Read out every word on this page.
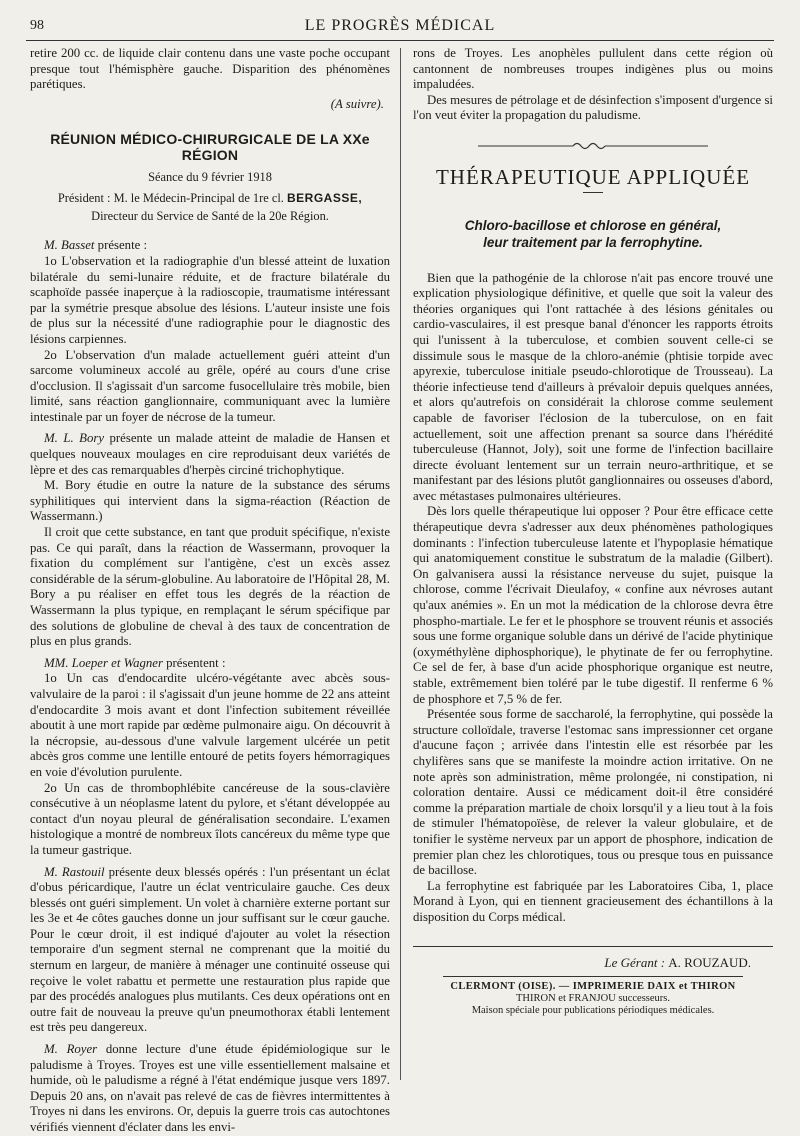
98	LE PROGRÈS MÉDICAL

retire 200 cc. de liquide clair contenu dans une vaste poche occupant presque tout l'hémisphère gauche. Disparition des phénomènes parétiques.

(A suivre).
RÉUNION MÉDICO-CHIRURGICALE DE LA XXe RÉGION
Séance du 9 février 1918
Président : M. le Médecin-Principal de 1re cl. BERGASSE,
Directeur du Service de Santé de la 20e Région.

M. Basset présente :

1o L'observation et la radiographie d'un blessé atteint de luxation bilatérale du semi-lunaire réduite, et de fracture bilatérale du scaphoïde passée inaperçue à la radioscopie, traumatisme intéressant par la symétrie presque absolue des lésions. L'auteur insiste une fois de plus sur la nécessité d'une radiographie pour le diagnostic des lésions carpiennes.

2o L'observation d'un malade actuellement guéri atteint d'un sarcome volumineux accolé au grêle, opéré au cours d'une crise d'occlusion. Il s'agissait d'un sarcome fusocellulaire très mobile, bien limité, sans réaction ganglionnaire, communiquant avec la lumière intestinale par un foyer de nécrose de la tumeur.

M. L. Bory présente un malade atteint de maladie de Hansen et quelques nouveaux moulages en cire reproduisant deux variétés de lèpre et des cas remarquables d'herpès circiné trichophytique.

M. Bory étudie en outre la nature de la substance des sérums syphilitiques qui intervient dans la sigma-réaction (Réaction de Wassermann.)

Il croit que cette substance, en tant que produit spécifique, n'existe pas. Ce qui paraît, dans la réaction de Wassermann, provoquer la fixation du complément sur l'antigène, c'est un excès assez considérable de la sérum-globuline. Au laboratoire de l'Hôpital 28, M. Bory a pu réaliser en effet tous les degrés de la réaction de Wassermann la plus typique, en remplaçant le sérum spécifique par des solutions de globuline de cheval à des taux de concentration de plus en plus grands.

MM. Loeper et Wagner présentent :

1o Un cas d'endocardite ulcéro-végétante avec abcès sous-valvulaire de la paroi : il s'agissait d'un jeune homme de 22 ans atteint d'endocardite 3 mois avant et dont l'infection subitement réveillée aboutit à une mort rapide par œdème pulmonaire aigu. On découvrit à la nécropsie, au-dessous d'une valvule largement ulcérée un petit abcès gros comme une lentille entouré de petits foyers hémorragiques en voie d'évolution purulente.

2o Un cas de thrombophlébite cancéreuse de la sous-clavière consécutive à un néoplasme latent du pylore, et s'étant développée au contact d'un noyau pleural de généralisation secondaire. L'examen histologique a montré de nombreux îlots cancéreux du même type que la tumeur gastrique.

M. Rastouil présente deux blessés opérés : l'un présentant un éclat d'obus péricardique, l'autre un éclat ventriculaire gauche. Ces deux blessés ont guéri simplement. Un volet à charnière externe portant sur les 3e et 4e côtes gauches donne un jour suffisant sur le cœur gauche. Pour le cœur droit, il est indiqué d'ajouter au volet la résection temporaire d'un segment sternal ne comprenant que la moitié du sternum en largeur, de manière à ménager une continuité osseuse qui reçoive le volet rabattu et permette une restauration plus rapide que par des procédés analogues plus mutilants. Ces deux opérations ont en outre fait de nouveau la preuve qu'un pneumothorax établi lentement est très peu dangereux.

M. Royer donne lecture d'une étude épidémiologique sur le paludisme à Troyes. Troyes est une ville essentiellement malsaine et humide, où le paludisme a régné à l'état endémique jusque vers 1897. Depuis 20 ans, on n'avait pas relevé de cas de fièvres intermittentes à Troyes ni dans les environs. Or, depuis la guerre trois cas autochtones vérifiés viennent d'éclater dans les envi-

rons de Troyes. Les anophèles pullulent dans cette région où cantonnent de nombreuses troupes indigènes plus ou moins impaludées.

Des mesures de pétrolage et de désinfection s'imposent d'urgence si l'on veut éviter la propagation du paludisme.

THÉRAPEUTIQUE APPLIQUÉE
Chloro-bacillose et chlorose en général,
leur traitement par la ferrophytine.

Bien que la pathogénie de la chlorose n'ait pas encore trouvé une explication physiologique définitive, et quelle que soit la valeur des théories organiques qui l'ont rattachée à des lésions génitales ou cardio-vasculaires, il est presque banal d'énoncer les rapports étroits qui l'unissent à la tuberculose, et combien souvent celle-ci se dissimule sous le masque de la chloro-anémie (phtisie torpide avec apyrexie, tuberculose initiale pseudo-chlorotique de Trousseau). La théorie infectieuse tend d'ailleurs à prévaloir depuis quelques années, et alors qu'autrefois on considérait la chlorose comme seulement capable de favoriser l'éclosion de la tuberculose, on en fait actuellement, soit une affection prenant sa source dans l'hérédité tuberculeuse (Hannot, Joly), soit une forme de l'infection bacillaire directe évoluant lentement sur un terrain neuro-arthritique, et se manifestant par des lésions plutôt ganglionnaires ou osseuses d'abord, avec métastases pulmonaires ultérieures.

Dès lors quelle thérapeutique lui opposer ? Pour être efficace cette thérapeutique devra s'adresser aux deux phénomènes pathologiques dominants : l'infection tuberculeuse latente et l'hypoplasie hématique qui anatomiquement constitue le substratum de la maladie (Gilbert). On galvanisera aussi la résistance nerveuse du sujet, puisque la chlorose, comme l'écrivait Dieulafoy, « confine aux névroses autant qu'aux anémies ». En un mot la médication de la chlorose devra être phospho-martiale. Le fer et le phosphore se trouvent réunis et associés sous une forme organique soluble dans un dérivé de l'acide phytinique (oxyméthylène diphosphorique), le phytinate de fer ou ferrophytine. Ce sel de fer, à base d'un acide phosphorique organique est neutre, stable, extrêmement bien toléré par le tube digestif. Il renferme 6 % de phosphore et 7,5 % de fer.

Présentée sous forme de saccharolé, la ferrophytine, qui possède la structure colloïdale, traverse l'estomac sans impressionner cet organe d'aucune façon ; arrivée dans l'intestin elle est résorbée par les chylifères sans que se manifeste la moindre action irritative. On ne note après son administration, même prolongée, ni constipation, ni coloration dentaire. Aussi ce médicament doit-il être considéré comme la préparation martiale de choix lorsqu'il y a lieu tout à la fois de stimuler l'hématopoïèse, de relever la valeur globulaire, et de tonifier le système nerveux par un apport de phosphore, indication de premier plan chez les chlorotiques, tous ou presque tous en puissance de bacillose.

La ferrophytine est fabriquée par les Laboratoires Ciba, 1, place Morand à Lyon, qui en tiennent gracieusement des échantillons à la disposition du Corps médical.

Le Gérant : A. ROUZAUD.
CLERMONT (OISE). — IMPRIMERIE DAIX et THIRON
THIRON et FRANJOU successeurs.
Maison spéciale pour publications périodiques médicales.
